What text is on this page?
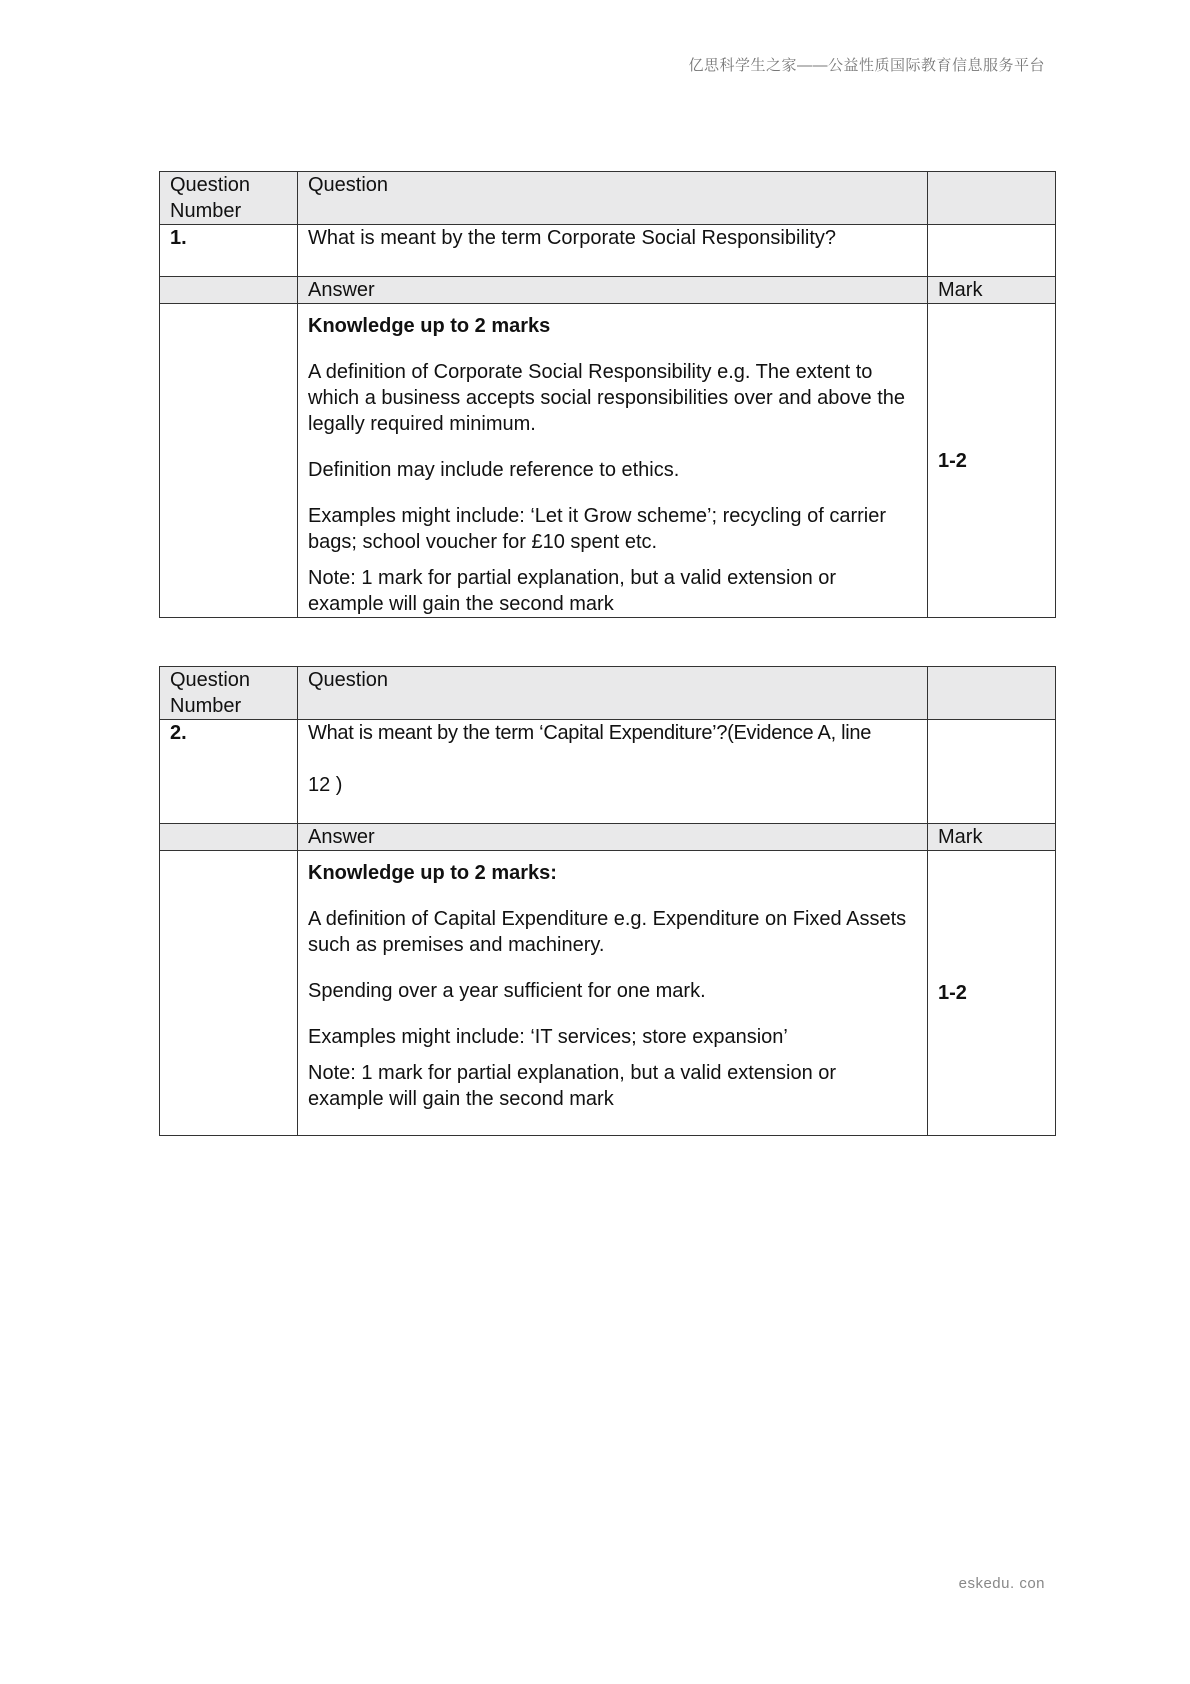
亿思科学生之家——公益性质国际教育信息服务平台
Question Number	Question	
1.	What is meant by the term Corporate Social Responsibility?	
	Answer	Mark

	Knowledge up to 2 marks

A definition of Corporate Social Responsibility e.g. The extent to which a business accepts social responsibilities over and above the legally required minimum.

Definition may include reference to ethics.

Examples might include: ‘Let it Grow scheme’; recycling of carrier bags; school voucher for £10 spent etc.

Note: 1 mark for partial explanation, but a valid extension or example will gain the second mark	1-2
Question Number	Question	
2.	What is meant by the term ‘Capital Expenditure’?(Evidence A, line
12 )	

	Answer	Mark

	Knowledge up to 2 marks:

A definition of Capital Expenditure e.g. Expenditure on Fixed Assets such as premises and machinery.

Spending over a year sufficient for one mark.

Examples might include: ‘IT services; store expansion’

Note: 1 mark for partial explanation, but a valid extension or example will gain the second mark	1-2
eskedu. con
